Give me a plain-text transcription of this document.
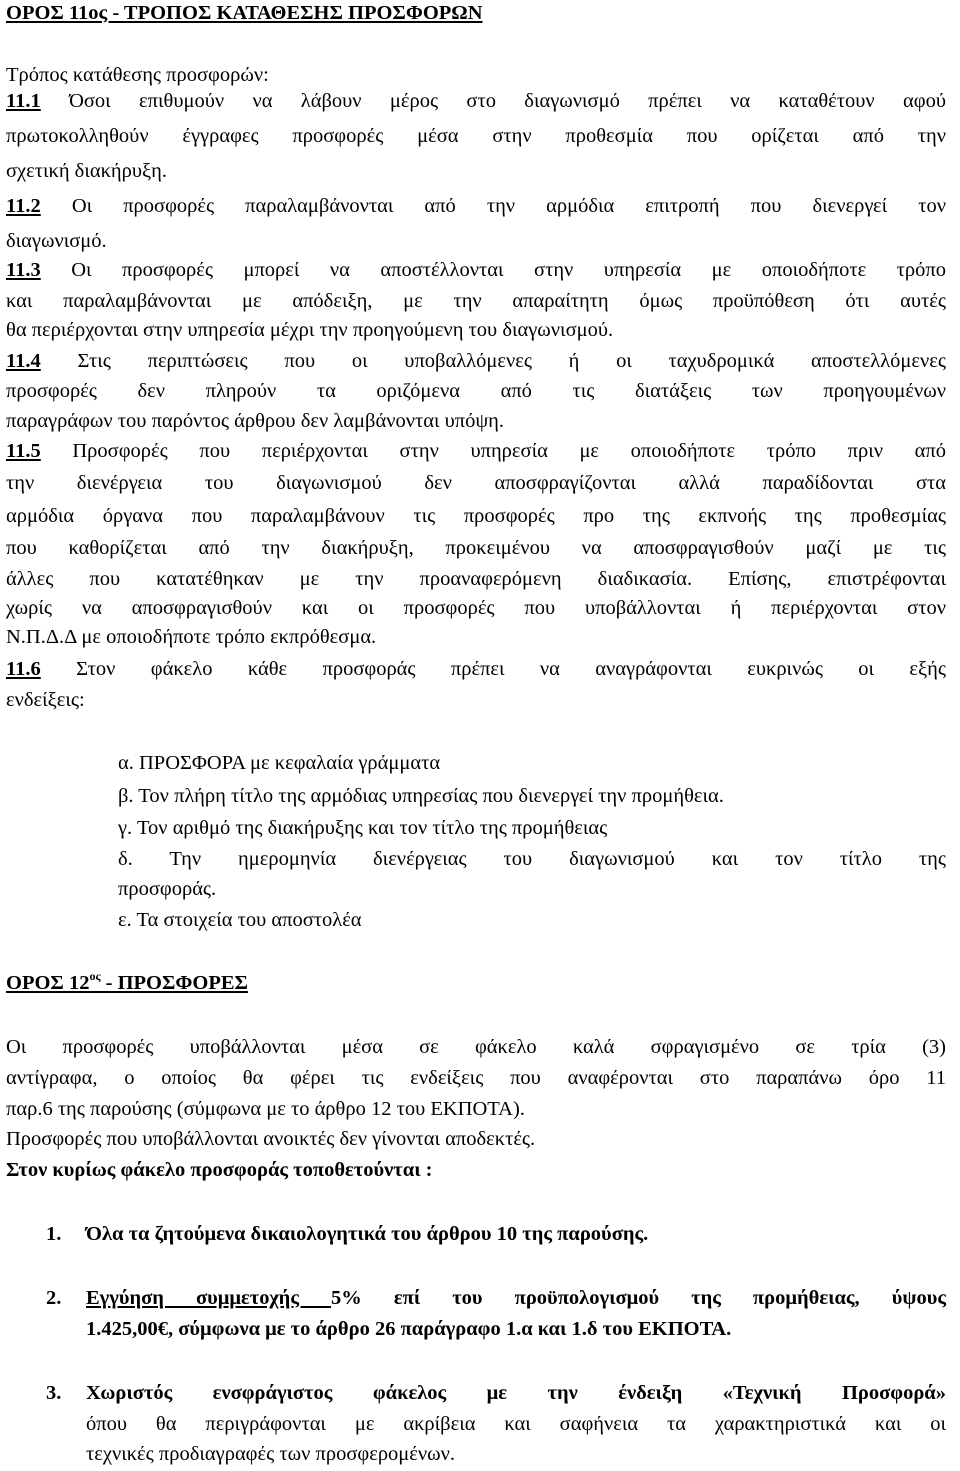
ΟΡΟΣ 11ος - ΤΡΟΠΟΣ ΚΑΤΑΘΕΣΗΣ ΠΡΟΣΦΟΡΩΝ
Τρόπος κατάθεσης προσφορών:
11.1 Όσοι επιθυμούν να λάβουν μέρος στο διαγωνισμό πρέπει να καταθέτουν αφού
πρωτοκολληθούν έγγραφες προσφορές μέσα στην προθεσμία που ορίζεται από την
σχετική διακήρυξη.
11.2 Οι προσφορές παραλαμβάνονται από την αρμόδια επιτροπή που διενεργεί τον
διαγωνισμό.
11.3 Οι προσφορές μπορεί να αποστέλλονται στην υπηρεσία με οποιοδήποτε τρόπο
και παραλαμβάνονται με απόδειξη, με την απαραίτητη όμως προϋπόθεση ότι αυτές
θα περιέρχονται στην υπηρεσία μέχρι την προηγούμενη του διαγωνισμού.
11.4 Στις περιπτώσεις που οι υποβαλλόμενες ή οι ταχυδρομικά αποστελλόμενες
προσφορές δεν πληρούν τα οριζόμενα από τις διατάξεις των προηγουμένων
παραγράφων του παρόντος άρθρου δεν λαμβάνονται υπόψη.
11.5 Προσφορές που περιέρχονται στην υπηρεσία με οποιοδήποτε τρόπο πριν από
την διενέργεια του διαγωνισμού δεν αποσφραγίζονται αλλά παραδίδονται στα
αρμόδια όργανα που παραλαμβάνουν τις προσφορές προ της εκπνοής της προθεσμίας
που καθορίζεται από την διακήρυξη, προκειμένου να αποσφραγισθούν μαζί με τις
άλλες που κατατέθηκαν με την προαναφερόμενη διαδικασία. Επίσης, επιστρέφονται
χωρίς να αποσφραγισθούν και οι προσφορές που υποβάλλονται ή περιέρχονται στον
Ν.Π.Δ.Δ με οποιοδήποτε τρόπο εκπρόθεσμα.
11.6 Στον φάκελο κάθε προσφοράς πρέπει να αναγράφονται ευκρινώς οι εξής
ενδείξεις:
α. ΠΡΟΣΦΟΡΑ με κεφαλαία γράμματα
β. Τον πλήρη τίτλο της αρμόδιας υπηρεσίας που διενεργεί την προμήθεια.
γ. Τον αριθμό της διακήρυξης και τον τίτλο της προμήθειας
δ. Την ημερομηνία διενέργειας του διαγωνισμού και τον τίτλο της
προσφοράς.
ε. Τα στοιχεία του αποστολέα
ΟΡΟΣ $12^{o\varsigma}$ - ΠΡΟΣΦΟΡΕΣ
Οι προσφορές υποβάλλονται μέσα σε φάκελο καλά σφραγισμένο σε τρία (3)
αντίγραφα, ο οποίος θα φέρει τις ενδείξεις που αναφέρονται στο παραπάνω όρο 11
παρ.6 της παρούσης (σύμφωνα με το άρθρο 12 του ΕΚΠΟΤΑ).
Προσφορές που υποβάλλονται ανοικτές δεν γίνονται αποδεκτές.
Στον κυρίως φάκελο προσφοράς τοποθετούνται :
1. Όλα τα ζητούμενα δικαιολογητικά του άρθρου 10 της παρούσης.
2. Εγγύηση συμμετοχής 5% επί του προϋπολογισμού της προμήθειας, ύψους
1.425,00€, σύμφωνα με το άρθρο 26 παράγραφο 1.α και 1.δ του ΕΚΠΟΤΑ.
3. Χωριστός ενσφράγιστος φάκελος με την ένδειξη «Τεχνική Προσφορά»
όπου θα περιγράφονται με ακρίβεια και σαφήνεια τα χαρακτηριστικά και οι
τεχνικές προδιαγραφές των προσφερομένων.
